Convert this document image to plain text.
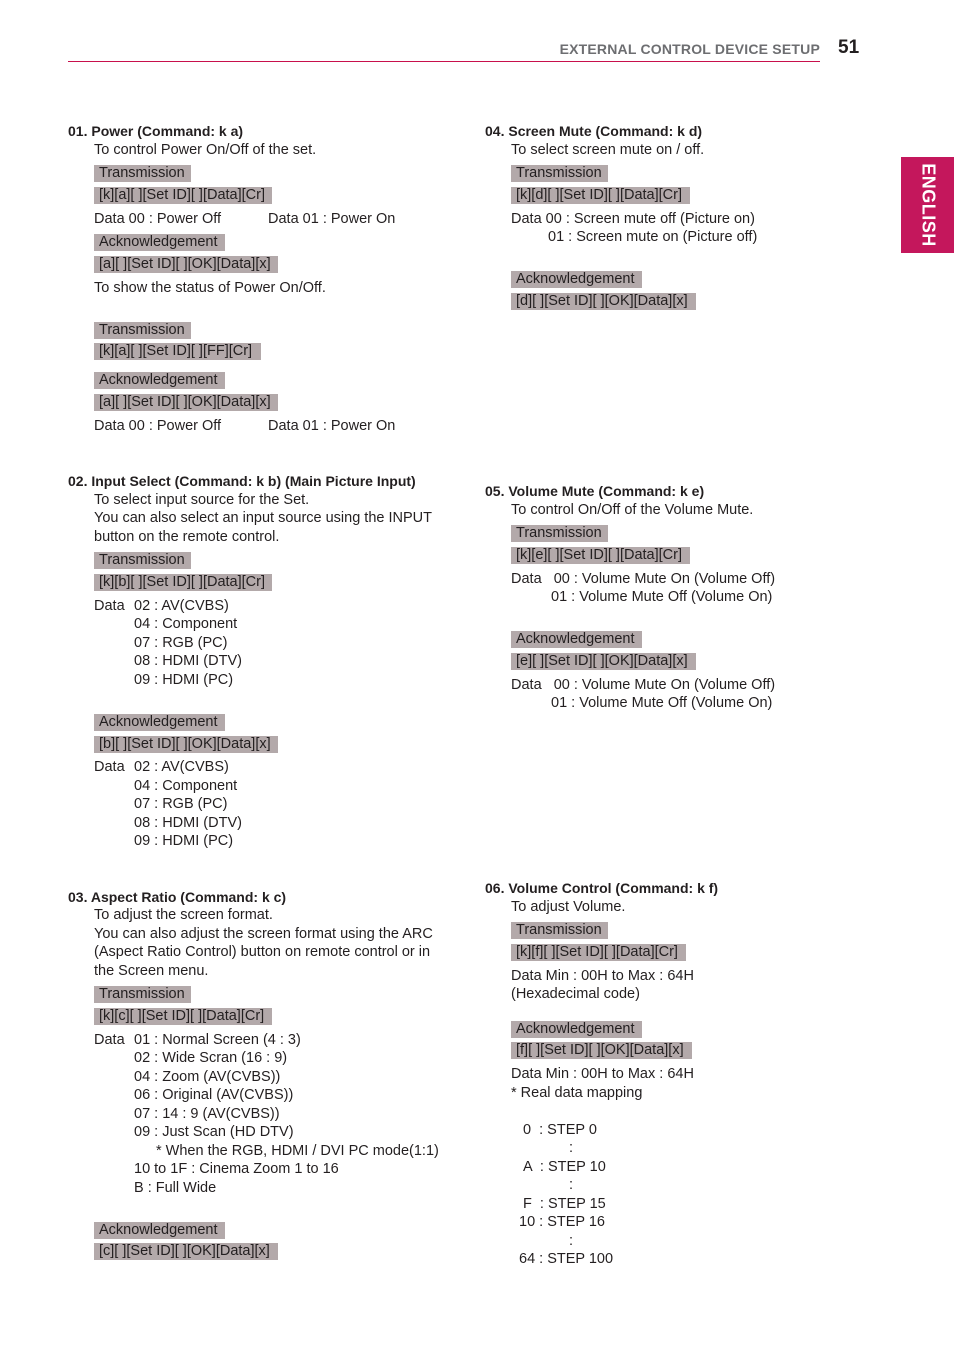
EXTERNAL CONTROL DEVICE SETUP 51
ENGLISH
01. Power (Command: k a)
To control Power On/Off of the set.
Transmission
[k][a][ ][Set ID][ ][Data][Cr]
Data 00 : Power Off	Data 01 : Power On
Acknowledgement
[a][ ][Set ID][ ][OK][Data][x]
To show the status of Power On/Off.
Transmission
[k][a][ ][Set ID][ ][FF][Cr]
Acknowledgement
[a][ ][Set ID][ ][OK][Data][x]
Data 00 : Power Off	Data 01 : Power On
02. Input Select (Command: k b) (Main Picture Input)
To select input source for the Set.
You can also select an input source using the INPUT
button on the remote control.
Transmission
[k][b][ ][Set ID][ ][Data][Cr]
Data 02 : AV(CVBS)
04 : Component
07 : RGB (PC)
08 : HDMI (DTV)
09 : HDMI (PC)
Acknowledgement
[b][ ][Set ID][ ][OK][Data][x]
Data 02 : AV(CVBS)
04 : Component
07 : RGB (PC)
08 : HDMI (DTV)
09 : HDMI (PC)
03. Aspect Ratio (Command: k c)
To adjust the screen format.
You can also adjust the screen format using the ARC
(Aspect Ratio Control) button on remote control or in
the Screen menu.
Transmission
[k][c][ ][Set ID][ ][Data][Cr]
Data 01 : Normal Screen (4 : 3)
02 : Wide Scran (16 : 9)
04 : Zoom (AV(CVBS))
06 : Original (AV(CVBS))
07 : 14 : 9 (AV(CVBS))
09 : Just Scan (HD DTV)
* When the RGB, HDMI / DVI PC mode(1:1)
10 to 1F : Cinema Zoom 1 to 16
B : Full Wide
Acknowledgement
[c][ ][Set ID][ ][OK][Data][x]
04. Screen Mute (Command: k d)
To select screen mute on / off.
Transmission
[k][d][ ][Set ID][ ][Data][Cr]
Data 00 : Screen mute off (Picture on)
01 : Screen mute on (Picture off)
Acknowledgement
[d][ ][Set ID][ ][OK][Data][x]
05. Volume Mute (Command: k e)
To control On/Off of the Volume Mute.
Transmission
[k][e][ ][Set ID][ ][Data][Cr]
Data   00 : Volume Mute On (Volume Off)
01 : Volume Mute Off (Volume On)
Acknowledgement
[e][ ][Set ID][ ][OK][Data][x]
Data   00 : Volume Mute On (Volume Off)
01 : Volume Mute Off (Volume On)
06. Volume Control (Command: k f)
To adjust Volume.
Transmission
[k][f][ ][Set ID][ ][Data][Cr]
Data Min : 00H to Max : 64H
(Hexadecimal code)
Acknowledgement
[f][ ][Set ID][ ][OK][Data][x]
Data Min : 00H to Max : 64H
* Real data mapping
0  : STEP 0
:
A  : STEP 10
:
F  : STEP 15
10 : STEP 16
:
64 : STEP 100
